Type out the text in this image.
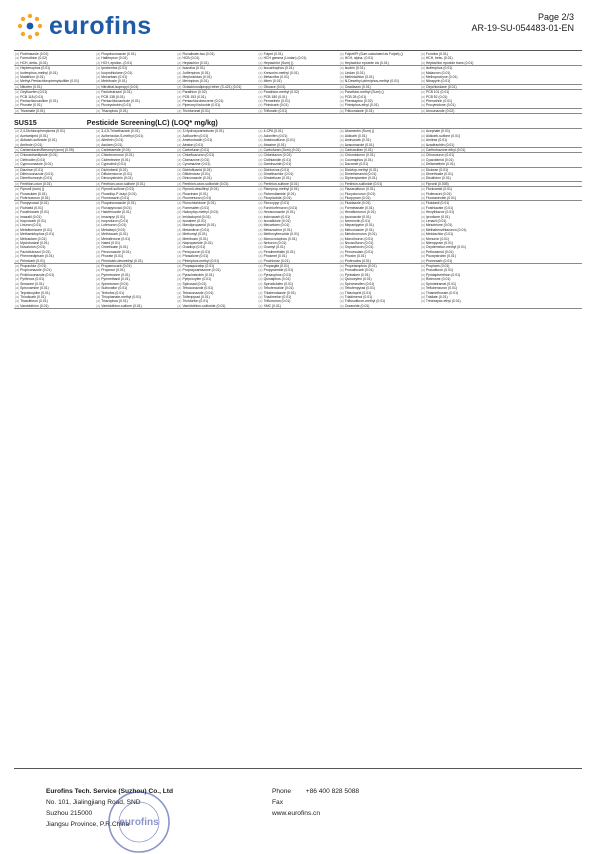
eurofins	Page 2/3
AR-19-SU-054483-01-EN
(a)Flutrimazole (0.01)	(a)Fluquinconazole (0.01)	(a)Fluvalinate-tau (0.01)	(a)Folpet (0.01)	(a)Folpet/Pt (Sum calculated as Folpet) ()	(a)Fonofos (0.01)
(a)Formothion (0.02)	(a)Halfenprox (0.01)	(a)HCB (0.01)	(a)HCH gamma (Lindan) (0.01)	(a)HCH, alpha- (0.01)	(a)HCH, beta- (0.01)
(a)HCH, delta- (0.01)	(a)HCH, epsilon- (0.01)	(a)Heptachlor (0.01)	(a)Heptachlor (Sum) ()	(a)Heptachlor epoxide cis (0.01)	(a)Heptachlor epoxide trans (0.01)
(a)Heptenophos (0.01)	(a)Iprobenfos (0.01)	(a)Isazofos (0.01)	(a)Isocarbophos (0.01)	(a)Isodrin (0.01)	(a)Isofenphos (0.01)
(a)Isofenphos-methyl (0.01)	(a)Isoprothiolane (0.01)	(a)Jodfenphos (0.01)	(a)Kresoxim-methyl (0.01)	(a)Lindan (0.01)	(a)Malaoxon (0.01)
(a)Malathion (0.01)	(a)Mecarbam (0.01)	(a)Mephosfolan (0.01)	(a)Metacrifos (0.01)	(a)Methidathion (0.01)	(a)Methoprotryne (0.01)
(a)Methyl-Pentachlorophenylsulfide (0.01)	(a)Metribuzin (0.01)	(a)Mevinphos (0.01)	(a)Mirex (0.01)	(a)N-Desethyl-pirimiphos-methyl (0.01)	(a)Nitrapyrin (0.01)
(a)Nitrofen (0.01)	(a)Nitrothal-isopropyl (0.01)	(a)Octachlorodipropyl ether (S-421) (0.01)	(a)Ofurace (0.01)	(a)Oxadiazon (0.01)	(a)Oxychlordane (0.01)
(a)Oxyfluorfen (0.01)	(a)Paclobutrazol (0.01)	(a)Parathion (0.02)	(a)Parathion-methyl (0.02)	(a)Parathion-methyl (Sum) ()	(a)PCB 101 (0.01)
(a)PCB 118 (0.01)	(a)PCB 138 (0.01)	(a)PCB 153 (0.01)	(a)PCB 180 (0.01)	(a)PCB 28 (0.01)	(a)PCB 52 (0.01)
(a)Pentachloroaniline (0.01)	(a)Pentachloroanisole (0.01)	(a)Pentachlorobenzene (0.01)	(a)Permethrin (0.01)	(a)Phenkapton (0.02)	(a)Phenothrin (0.01)
(a)Phorate (0.01)	(a)Picoxystrobin (0.01)	(a)Piperonyl butoxide (0.01)	(a)Pirimicarb (0.01)	(a)Pirimiphos-ethyl (0.01)	(a)Procymidone (0.01)
(a)Trizamate (0.01)	(a)Triazophos (0.01)	(a)Trichloronat (0.01)	(a)Trifluralin (0.01)	(a)Triticonazole (0.01)	(a)Uniconazole (0.02)
SUS15	Pesticide Screening(LC) (LOQ* mg/kg)
(a)2,4-Dichlorophenylurea (0.01)	(a)3,4,5-Trimethacarb (0.01)	(a)3-Hydroxycarbofuran (0.01)	(a)4-CPA (0.01)	(a)Abamectin (Sum) ()	(a)Acephate (0.01)
(a)Acetamiprid (0.01)	(a)Acibenzolar-S-methyl (0.01)	(a)Acifluorfen (0.01)	(a)Aclonifen (0.01)	(a)Aldicarb (0.01)	(a)Aldicarb-sulfone (0.01)
(a)Aldicarb-sulfoxide (0.01)	(a)Allethrin (0.01)	(a)Ametoctradin (0.01)	(a)Amidosulfuron (0.01)	(a)Aminocarb (0.01)	(a)Amitraz (0.01)
(a)Amitrole (0.01)	(a)Asulam (0.01)	(a)Atraton (0.01)	(a)Atrazine (0.01)	(a)Azaconazole (0.01)	(a)Azadirachtin (0.01)
(a)Carbendazim/Benomyl (sum) (0.05)	(a)Carbetamide (0.01)	(a)Carbofuran (0.01)	(a)Carbofuran (Sum) (0.01)	(a)Carbosulfan (0.01)	(a)Carfentrazone-ethyl (0.01)
(a)Chlorantraniliprole (0.01)	(a)Chlorbromuron (0.01)	(a)Chlorfluazuron (0.01)	(a)Chloridazon (0.01)	(a)Chlorotoluron (0.01)	(a)Chloroxuron (0.01)
(a)Clethodim (0.01)	(a)Clofentezine (0.01)	(a)Clomazone (0.01)	(a)Clothianidin (0.01)	(a)Coumaphos (0.01)	(a)Cyazofamid (0.01)
(a)Cyproconazole (0.01)	(a)Cyprodinil (0.01)	(a)Cyromazine (0.01)	(a)Daminozide (0.01)	(a)Dazomet (0.01)	(a)Deltamethrin (0.01)
(a)Diazinon (0.01)	(a)Dichlobenil (0.01)	(a)Dichlofluanid (0.01)	(a)Dichlorvos (0.01)	(a)Diclofop-methyl (0.01)	(a)Dicloran (0.01)
(a)Difenoconazole (0.01)	(a)Diflubenzuron (0.01)	(a)Diflufenican (0.01)	(a)Dimethachlor (0.01)	(a)Dimethenamid (0.01)	(a)Dimethoate (0.01)
(a)Dimethomorph (0.01)	(a)Dimoxystrobin (0.01)	(a)Diniconazole (0.01)	(a)Dinotefuran (0.01)	(a)Diphenylamine (0.01)	(a)Disulfoton (0.01)
(a)Fenthion-oxon (0.01)	(a)Fenthion-oxon-sulfone (0.01)	(a)Fenthion-oxon-sulfoxide (0.01)	(a)Fenthion-sulfone (0.01)	(a)Fenthion-sulfoxide (0.01)	(a)Fipronil (0.005)
(a)Fipronil (sum) ()	(a)Fipronil-sulfone (0.01)	(a)Fipronil-desulfinyl (0.01)	(a)Flamprop-methyl (0.01)	(a)Flazasulfuron (0.01)	(a)Flonicamid (0.01)
(a)Florasulam (0.01)	(a)Fluazifop-P-butyl (0.01)	(a)Fluazinam (0.01)	(a)Flubendiamide (0.01)	(a)Flucycloxuron (0.01)	(a)Flufenacet (0.01)
(a)Flufenoxuron (0.01)	(a)Flumioxazin (0.01)	(a)Fluometuron (0.01)	(a)Fluopicolide (0.01)	(a)Fluopyram (0.01)	(a)Fluoxastrobin (0.01)
(a)Fluopyroxad (0.01)	(a)Fluquinconazole (0.01)	(a)Flurochloridone (0.01)	(a)Fluroxypyr (0.01)	(a)Flusilazole (0.01)	(a)Flutolanil (0.01)
(a)Flutriafol (0.01)	(a)Fluxapyroxad (0.01)	(a)Fomesafen (0.01)	(a)Forchlorfenuron (0.01)	(a)Formetanate (0.01)	(a)Fosthiazate (0.01)
(a)Furathiocarb (0.01)	(a)Halofenozide (0.01)	(a)Haloxyfop-methyl (0.01)	(a)Hexaconazole (0.01)	(a)Hexaflumuron (0.01)	(a)Hexythiazox (0.01)
(a)Imazalil (0.01)	(a)Imazapyr (0.01)	(a)Imidacloprid (0.01)	(a)Indoxacarb (0.01)	(a)Ipconazole (0.01)	(a)Iprodione (0.01)
(a)Isoprocarb (0.01)	(a)Isoproturon (0.01)	(a)Isoxaben (0.01)	(a)Isoxaflutole (0.01)	(a)Ivermectin (0.01)	(a)Lenacil (0.01)
(a)Linuron (0.01)	(a)Lufenuron (0.01)	(a)Mandipropamid (0.01)	(a)Mecarbam (0.01)	(a)Mepanipyrim (0.01)	(a)Mesotrione (0.01)
(a)Metaflumizone (0.01)	(a)Metalaxyl (0.01)	(a)Metamitron (0.01)	(a)Metazachlor (0.01)	(a)Metconazole (0.01)	(a)Methabenzthiazuron (0.01)
(a)Methamidophos (0.01)	(a)Methiocarb (0.01)	(a)Methomyl (0.01)	(a)Methoxyfenozide (0.01)	(a)Metobromuron (0.01)	(a)Metolachlor (0.01)
(a)Metosulam (0.01)	(a)Metrafenone (0.01)	(a)Metribuzin (0.01)	(a)Monocrotophos (0.01)	(a)Monolinuron (0.01)	(a)Monuron (0.01)
(a)Myclobutanil (0.01)	(a)Naled (0.01)	(a)Napropamide (0.01)	(a)Neburon (0.01)	(a)Nicosulfuron (0.01)	(a)Nitenpyram (0.01)
(a)Novaluron (0.01)	(a)Omethoate (0.01)	(a)Oxadixyl (0.01)	(a)Oxamyl (0.01)	(a)Oxycarboxin (0.01)	(a)Oxydemeton-methyl (0.01)
(a)Paclobutrazol (0.01)	(a)Penconazole (0.01)	(a)Pencycuron (0.01)	(a)Pendimethalin (0.01)	(a)Penoxsulam (0.01)	(a)Pethoxamid (0.01)
(a)Phenmedipham (0.01)	(a)Phorate (0.01)	(a)Phosalone (0.01)	(a)Phosmet (0.01)	(a)Phoxim (0.01)	(a)Picoxystrobin (0.01)
(a)Pirimicarb (0.01)	(a)Pirimicarb-desmethyl (0.01)	(a)Pirimiphos-methyl (0.01)	(a)Prochloraz (0.01)	(a)Profenofos (0.01)	(a)Promecarb (0.01)
(a)Propachlor (0.01)	(a)Propamocarb (0.01)	(a)Propaquizafop (0.01)	(a)Propargite (0.01)	(a)Propetamphos (0.01)	(a)Propham (0.01)
(a)Propiconazole (0.01)	(a)Propoxur (0.01)	(a)Propoxycarbazone (0.01)	(a)Propyzamide (0.01)	(a)Prosulfocarb (0.01)	(a)Prosulfuron (0.01)
(a)Prothioconazole (0.01)	(a)Pymetrozine (0.01)	(a)Pyraclostrobin (0.01)	(a)Pyrazophos (0.01)	(a)Pyridaben (0.01)	(a)Pyridaphenthion (0.01)
(a)Pyrifenox (0.01)	(a)Pyrimethanil (0.01)	(a)Pyriproxyfen (0.01)	(a)Quinalphos (0.01)	(a)Quinoxyfen (0.01)	(a)Rotenone (0.01)
(a)Simazine (0.01)	(a)Spinetoram (0.01)	(a)Spinosad (0.01)	(a)Spirodiclofen (0.01)	(a)Spiromesifen (0.01)	(a)Spirotetramat (0.01)
(a)Spiroxamine (0.01)	(a)Sulfoxaflor (0.01)	(a)Tebuconazole (0.01)	(a)Tebufenozide (0.01)	(a)Tebufenpyrad (0.01)	(a)Teflubenzuron (0.01)
(a)Tepraloxydim (0.01)	(a)Terbufos (0.01)	(a)Tetraconazole (0.01)	(a)Thiabendazole (0.01)	(a)Thiacloprid (0.01)	(a)Thiamethoxam (0.01)
(a)Thiodicarb (0.01)	(a)Thiophanate-methyl (0.01)	(a)Tolfenpyrad (0.01)	(a)Triadimefon (0.01)	(a)Triadimenol (0.01)	(a)Triallate (0.01)
(a)Triasulfuron (0.01)	(a)Triazophos (0.01)	(a)Trichlorfon (0.01)	(a)Triflumuron (0.01)	(a)Triflusulfuron-methyl (0.01)	(a)Trinexapac-ethyl (0.01)
(a)Vamidothion (0.01)	(a)Vamidothion-sulfone (0.01)	(a)Vamidothion-sulfoxide (0.01)	(a)XMC (0.01)	(a)Zoxamide (0.01)
Eurofins Tech. Service (Suzhou) Co., Ltd
No. 101, Jialingjiang Road, SND
Suzhou 215000
Jiangsu Province, P.R.China
eurofins
Phone +86 400 828 5088
Fax
www.eurofins.cn
